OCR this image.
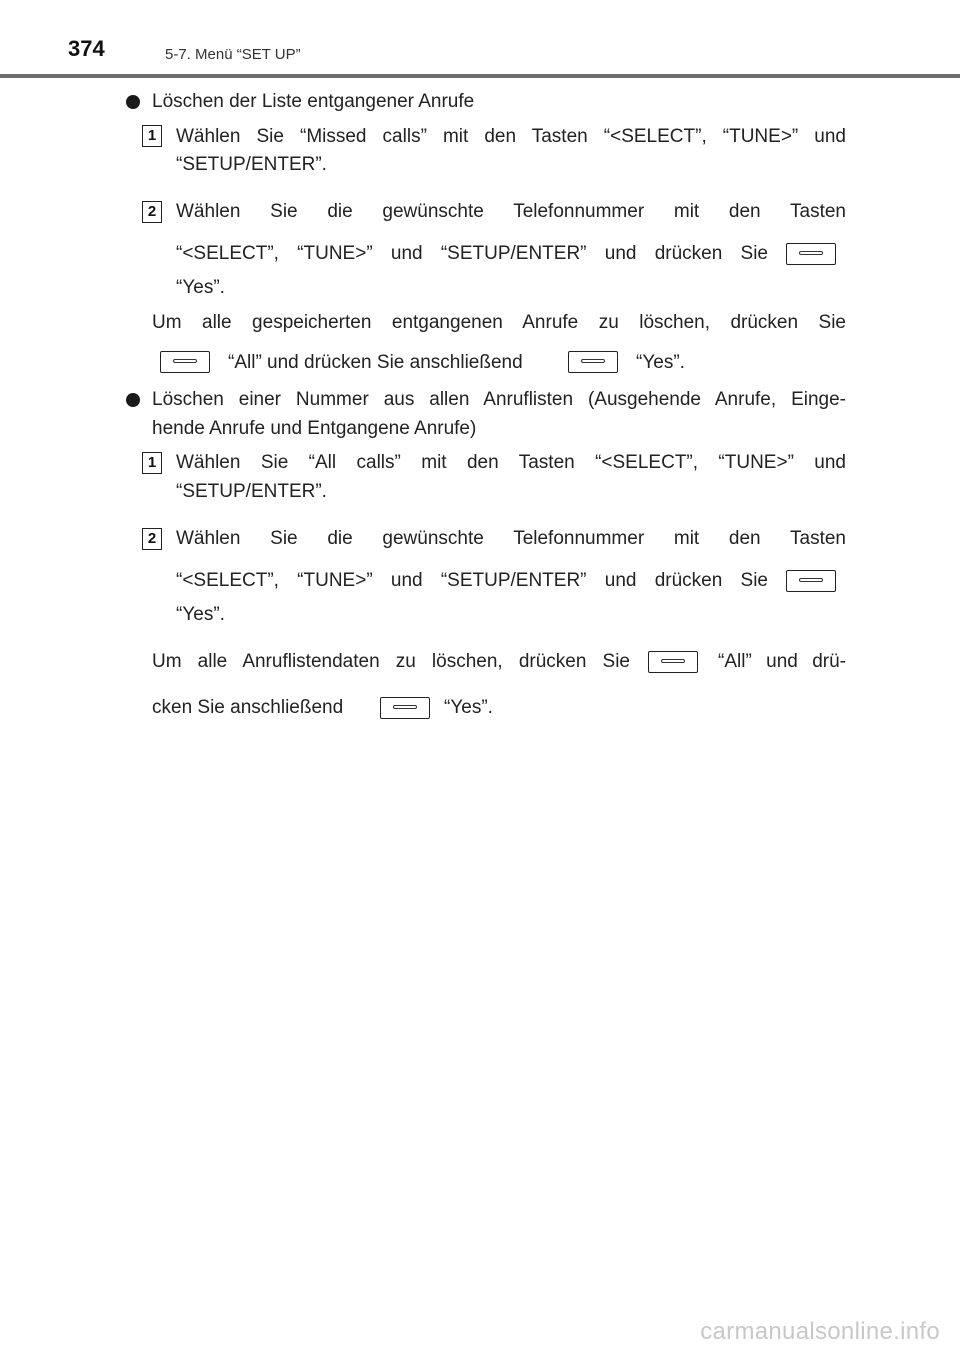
374	5-7. Menü “SET UP”
Löschen der Liste entgangener Anrufe
1	Wählen Sie “Missed calls” mit den Tasten “<SELECT”, “TUNE>” und
“SETUP/ENTER”.
2	Wählen Sie die gewünschte Telefonnummer mit den Tasten
“<SELECT”, “TUNE>” und “SETUP/ENTER” und drücken Sie
“Yes”.
Um alle gespeicherten entgangenen Anrufe zu löschen, drücken Sie
“All” und drücken Sie anschließend	“Yes”.
Löschen einer Nummer aus allen Anruflisten (Ausgehende Anrufe, Einge-
hende Anrufe und Entgangene Anrufe)
1	Wählen Sie “All calls” mit den Tasten “<SELECT”, “TUNE>” und
“SETUP/ENTER”.
2	Wählen Sie die gewünschte Telefonnummer mit den Tasten
“<SELECT”, “TUNE>” und “SETUP/ENTER” und drücken Sie
“Yes”.
Um alle Anruflistendaten zu löschen, drücken Sie	“All” und drü-
cken Sie anschließend	“Yes”.
carmanualsonline.info
